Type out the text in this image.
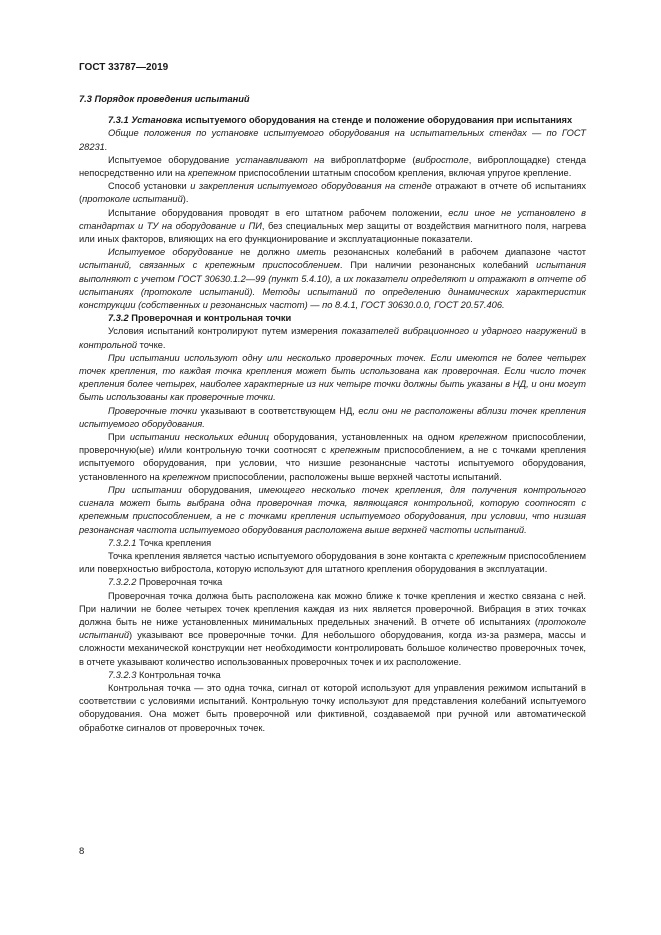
ГОСТ 33787—2019

7.3 Порядок проведения испытаний

7.3.1 Установка испытуемого оборудования на стенде и положение оборудования при испытаниях

Общие положения по установке испытуемого оборудования на испытательных стендах — по ГОСТ 28231.

Испытуемое оборудование устанавливают на виброплатформе (вибростоле, виброплощадке) стенда непосредственно или на крепежном приспособлении штатным способом крепления, включая упругое крепление.

Способ установки и закрепления испытуемого оборудования на стенде отражают в отчете об испытаниях (протоколе испытаний).

Испытание оборудования проводят в его штатном рабочем положении, если иное не установлено в стандартах и ТУ на оборудование и ПИ, без специальных мер защиты от воздействия магнитного поля, нагрева или иных факторов, влияющих на его функционирование и эксплуатационные показатели.

Испытуемое оборудование не должно иметь резонансных колебаний в рабочем диапазоне частот испытаний, связанных с крепежным приспособлением. При наличии резонансных колебаний испытания выполняют с учетом ГОСТ 30630.1.2—99 (пункт 5.4.10), а их показатели определяют и отражают в отчете об испытаниях (протоколе испытаний). Методы испытаний по определению динамических характеристик конструкции (собственных и резонансных частот) — по 8.4.1, ГОСТ 30630.0.0, ГОСТ 20.57.406.

7.3.2 Проверочная и контрольная точки

Условия испытаний контролируют путем измерения показателей вибрационного и ударного нагружений в контрольной точке.

При испытании используют одну или несколько проверочных точек. Если имеются не более четырех точек крепления, то каждая точка крепления может быть использована как проверочная. Если число точек крепления более четырех, наиболее характерные из них четыре точки должны быть указаны в НД, и они могут быть использованы как проверочные точки.

Проверочные точки указывают в соответствующем НД, если они не расположены вблизи точек крепления испытуемого оборудования.

При испытании нескольких единиц оборудования, установленных на одном крепежном приспособлении, проверочную(ые) и/или контрольную точки соотносят с крепежным приспособлением, а не с точками крепления испытуемого оборудования, при условии, что низшие резонансные частоты испытуемого оборудования, установленного на крепежном приспособлении, расположены выше верхней частоты испытаний.

При испытании оборудования, имеющего несколько точек крепления, для получения контрольного сигнала может быть выбрана одна проверочная точка, являющаяся контрольной, которую соотносят с крепежным приспособлением, а не с точками крепления испытуемого оборудования, при условии, что низшая резонансная частота испытуемого оборудования расположена выше верхней частоты испытаний.

7.3.2.1 Точка крепления

Точка крепления является частью испытуемого оборудования в зоне контакта с крепежным приспособлением или поверхностью вибростола, которую используют для штатного крепления оборудования в эксплуатации.

7.3.2.2 Проверочная точка

Проверочная точка должна быть расположена как можно ближе к точке крепления и жестко связана с ней. При наличии не более четырех точек крепления каждая из них является проверочной. Вибрация в этих точках должна быть не ниже установленных минимальных предельных значений. В отчете об испытаниях (протоколе испытаний) указывают все проверочные точки. Для небольшого оборудования, когда из-за размера, массы и сложности механической конструкции нет необходимости контролировать большое количество проверочных точек, в отчете указывают количество использованных проверочных точек и их расположение.

7.3.2.3 Контрольная точка

Контрольная точка — это одна точка, сигнал от которой используют для управления режимом испытаний в соответствии с условиями испытаний. Контрольную точку используют для представления колебаний испытуемого оборудования. Она может быть проверочной или фиктивной, создаваемой при ручной или автоматической обработке сигналов от проверочных точек.

8
